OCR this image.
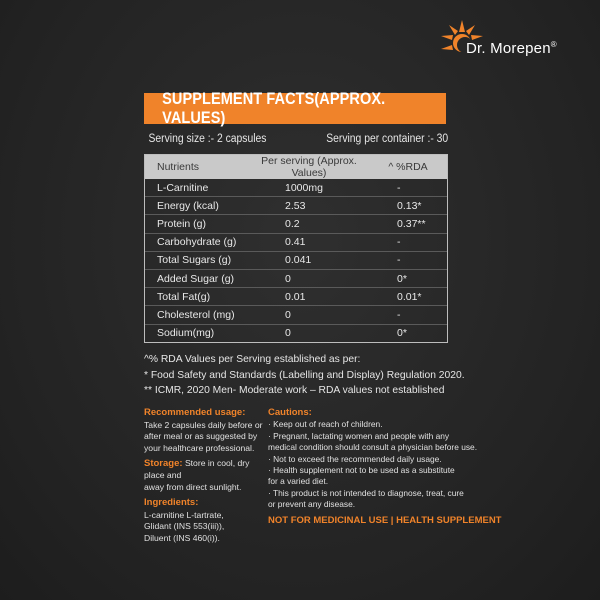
Dr. Morepen®
SUPPLEMENT FACTS(APPROX. VALUES)
Serving size :- 2 capsules	Serving per container :- 30
Nutrients	Per serving (Approx. Values)	^ %RDA
L-Carnitine	1000mg	-
Energy (kcal)	2.53	0.13*
Protein (g)	0.2	0.37**
Carbohydrate (g)	0.41	-
Total Sugars (g)	0.041	-
Added Sugar (g)	0	0*
Total Fat(g)	0.01	0.01*
Cholesterol (mg)	0	-
Sodium(mg)	0	0*
^% RDA Values per Serving established as per:
* Food Safety and Standards (Labelling and Display) Regulation 2020.
** ICMR, 2020 Men- Moderate work – RDA values not established
Recommended usage:
Take 2 capsules daily before or
after meal or as suggested by
your healthcare professional.
Storage: Store in cool, dry place and
away from direct sunlight.
Ingredients:
L-carnitine L-tartrate,
Glidant (INS 553(iii)),
Diluent (INS 460(i)).
Cautions:
· Keep out of reach of children.
· Pregnant, lactating women and people with any
medical condition should consult a physician before use.
· Not to exceed the recommended daily usage.
· Health supplement not to be used as a substitute
for a varied diet.
· This product is not intended to diagnose, treat, cure
or prevent any disease.
NOT FOR MEDICINAL USE | HEALTH SUPPLEMENT
